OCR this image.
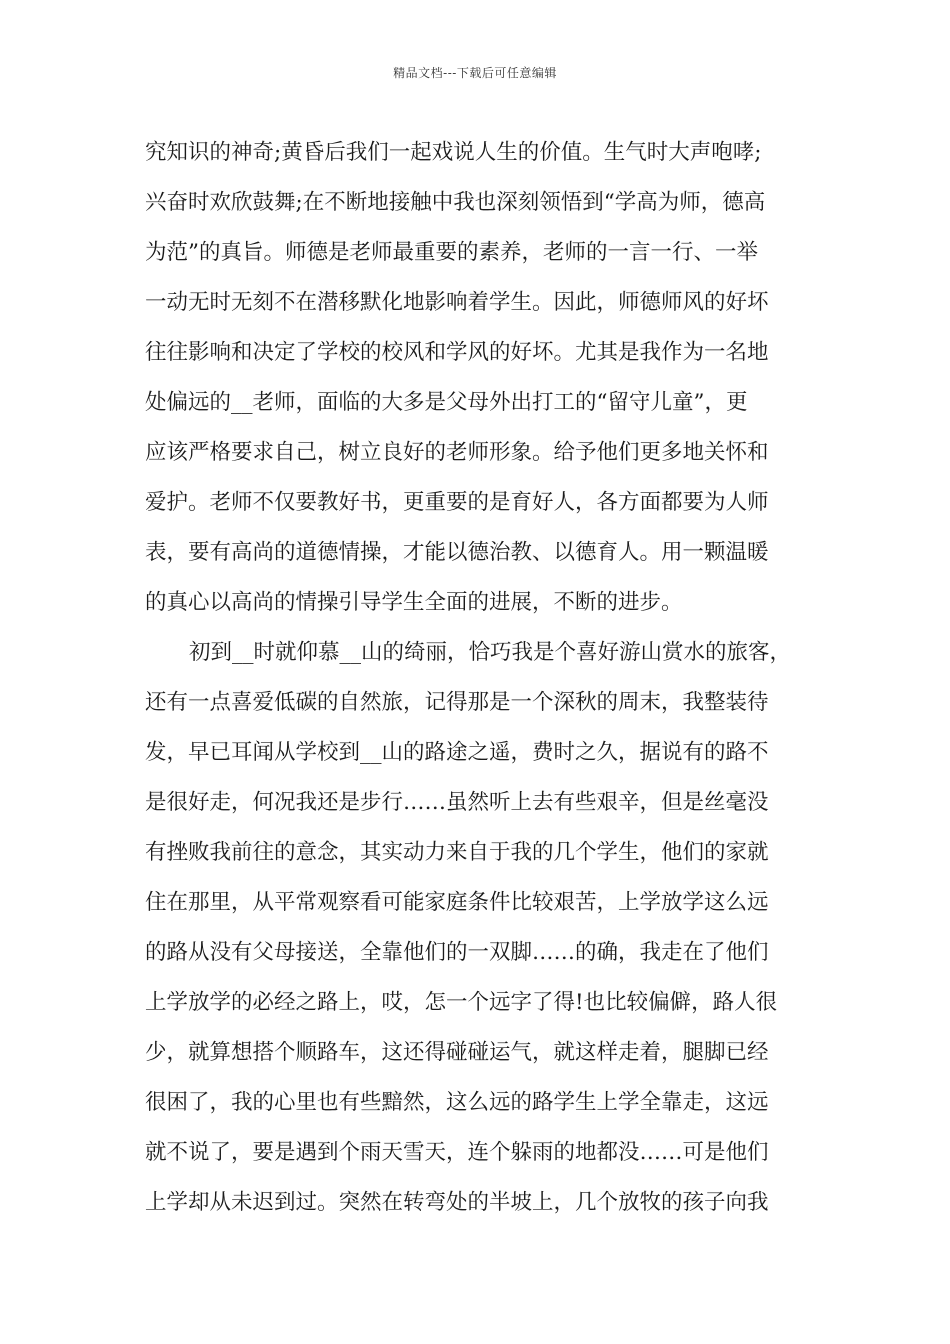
精品文档---下载后可任意编辑
究知识的神奇;黄昏后我们一起戏说人生的价值。生气时大声咆哮;
兴奋时欢欣鼓舞;在不断地接触中我也深刻领悟到“学高为师，德高
为范”的真旨。师德是老师最重要的素养，老师的一言一行、一举
一动无时无刻不在潜移默化地影响着学生。因此，师德师风的好坏
往往影响和决定了学校的校风和学风的好坏。尤其是我作为一名地
处偏远的__老师，面临的大多是父母外出打工的“留守儿童”，更
应该严格要求自己，树立良好的老师形象。给予他们更多地关怀和
爱护。老师不仅要教好书，更重要的是育好人，各方面都要为人师
表，要有高尚的道德情操，才能以德治教、以德育人。用一颗温暖
的真心以高尚的情操引导学生全面的进展，不断的进步。
初到__时就仰慕__山的绮丽，恰巧我是个喜好游山赏水的旅客，
还有一点喜爱低碳的自然旅，记得那是一个深秋的周末，我整装待
发，早已耳闻从学校到__山的路途之遥，费时之久，据说有的路不
是很好走，何况我还是步行……虽然听上去有些艰辛，但是丝毫没
有挫败我前往的意念，其实动力来自于我的几个学生，他们的家就
住在那里，从平常观察看可能家庭条件比较艰苦，上学放学这么远
的路从没有父母接送，全靠他们的一双脚……的确，我走在了他们
上学放学的必经之路上，哎，怎一个远字了得!也比较偏僻，路人很
少，就算想搭个顺路车，这还得碰碰运气，就这样走着，腿脚已经
很困了，我的心里也有些黯然，这么远的路学生上学全靠走，这远
就不说了，要是遇到个雨天雪天，连个躲雨的地都没……可是他们
上学却从未迟到过。突然在转弯处的半坡上，几个放牧的孩子向我
